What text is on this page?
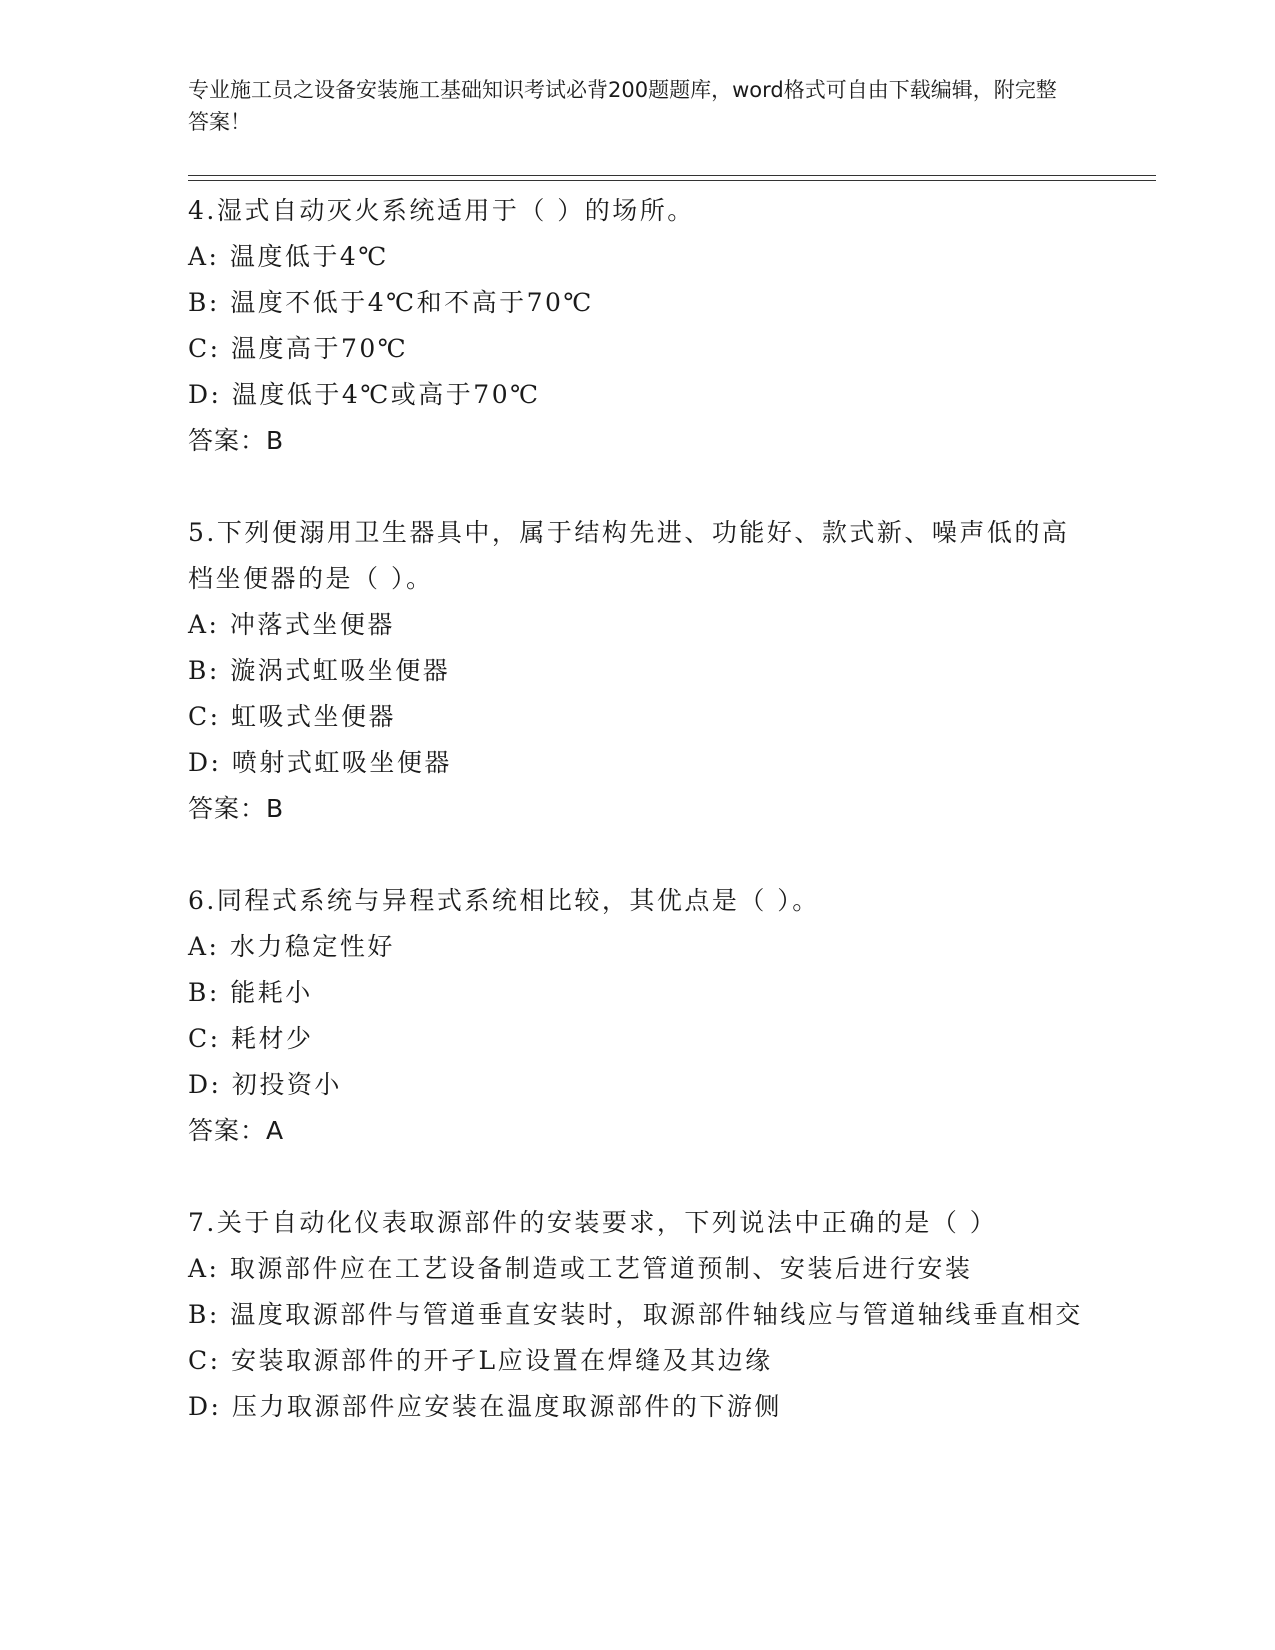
专业施工员之设备安装施工基础知识考试必背200题题库，word格式可自由下载编辑，附完整答案！
4.湿式自动灭火系统适用于（ ）的场所。
A: 温度低于4℃
B: 温度不低于4℃和不高于70℃
C: 温度高于70℃
D: 温度低于4℃或高于70℃
答案：B
5.下列便溺用卫生器具中，属于结构先进、功能好、款式新、噪声低的高档坐便器的是（ ）。
A: 冲落式坐便器
B: 漩涡式虹吸坐便器
C: 虹吸式坐便器
D: 喷射式虹吸坐便器
答案：B
6.同程式系统与异程式系统相比较，其优点是（ ）。
A: 水力稳定性好
B: 能耗小
C: 耗材少
D: 初投资小
答案：A
7.关于自动化仪表取源部件的安装要求，下列说法中正确的是（ ）
A: 取源部件应在工艺设备制造或工艺管道预制、安装后进行安装
B: 温度取源部件与管道垂直安装时，取源部件轴线应与管道轴线垂直相交
C: 安装取源部件的开孑L应设置在焊缝及其边缘
D: 压力取源部件应安装在温度取源部件的下游侧
